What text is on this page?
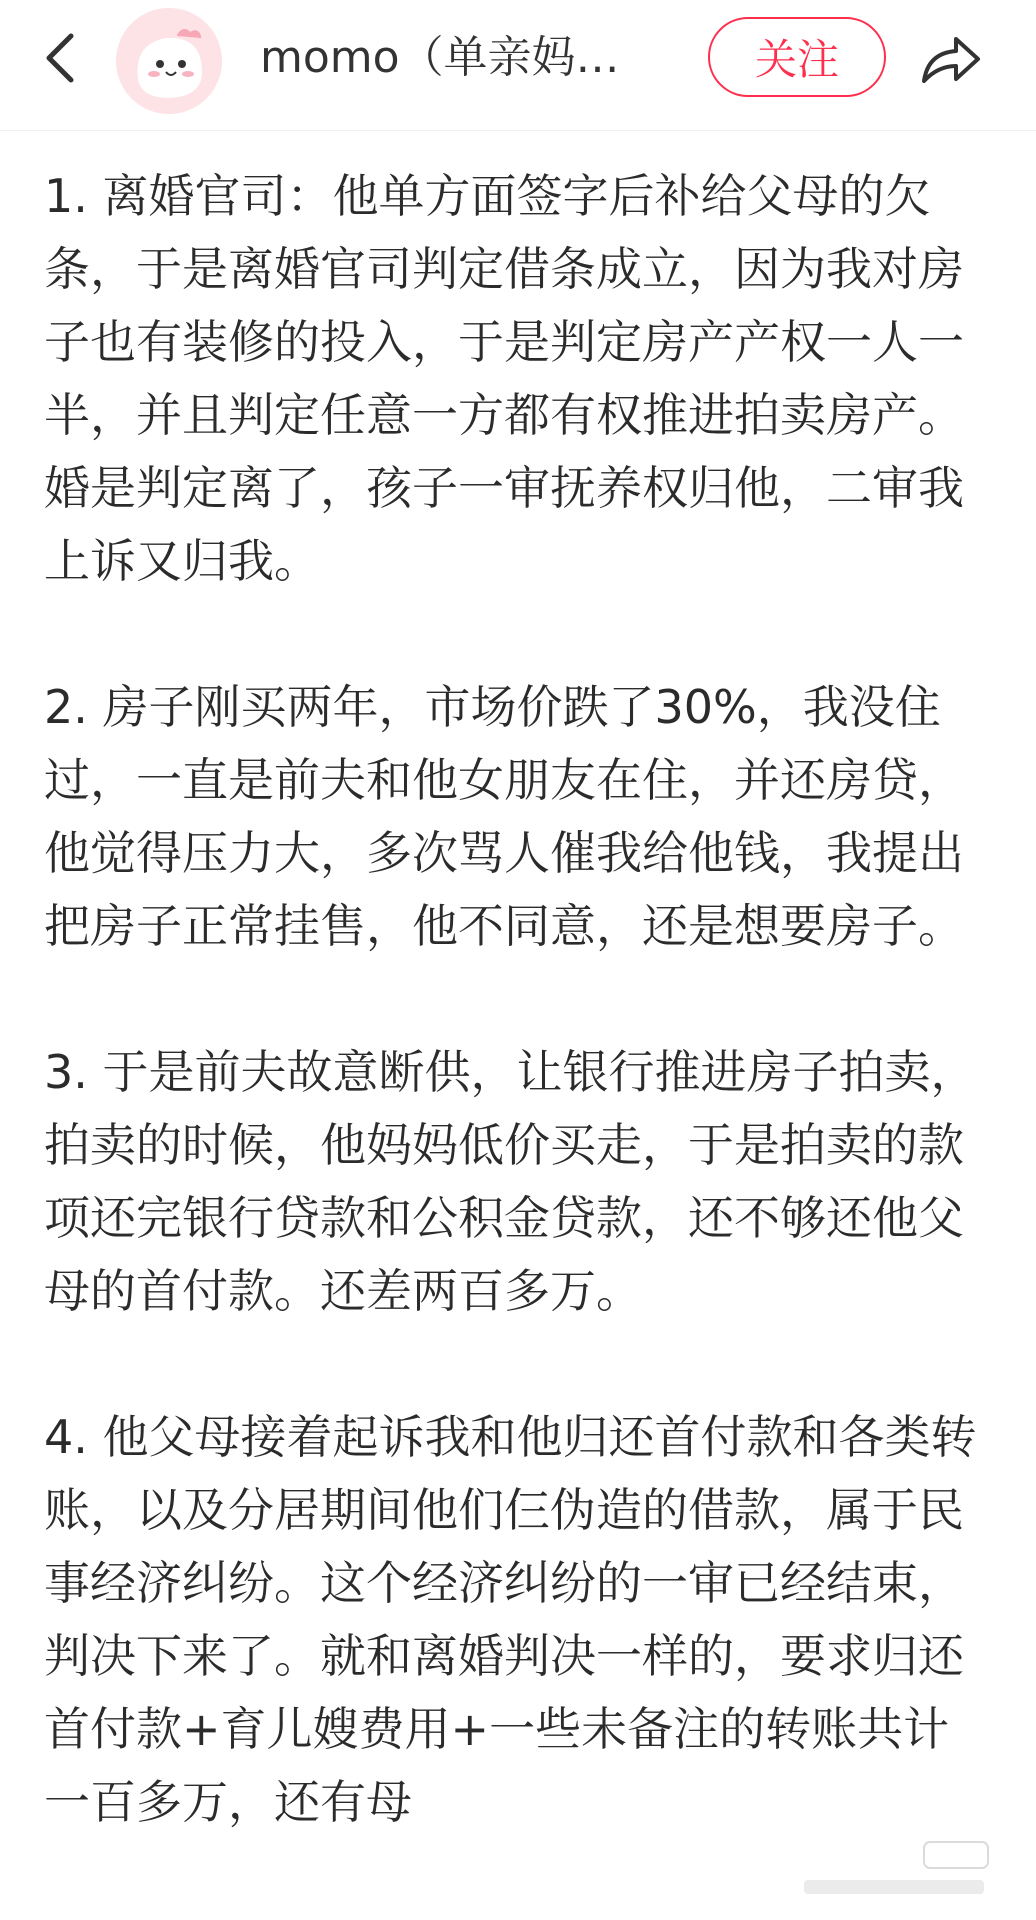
momo（单亲妈…	关注

1. 离婚官司：他单方面签字后补给父母的欠条，于是离婚官司判定借条成立，因为我对房子也有装修的投入，于是判定房产产权一人一半，并且判定任意一方都有权推进拍卖房产。婚是判定离了，孩子一审抚养权归他，二审我上诉又归我。

2. 房子刚买两年，市场价跌了30%，我没住过，一直是前夫和他女朋友在住，并还房贷，他觉得压力大，多次骂人催我给他钱，我提出把房子正常挂售，他不同意，还是想要房子。

3. 于是前夫故意断供，让银行推进房子拍卖，拍卖的时候，他妈妈低价买走，于是拍卖的款项还完银行贷款和公积金贷款，还不够还他父母的首付款。还差两百多万。

4. 他父母接着起诉我和他归还首付款和各类转账，以及分居期间他们仨伪造的借款，属于民事经济纠纷。这个经济纠纷的一审已经结束，判决下来了。就和离婚判决一样的，要求归还首付款+育儿嫂费用+一些未备注的转账共计一百多万，还有母
